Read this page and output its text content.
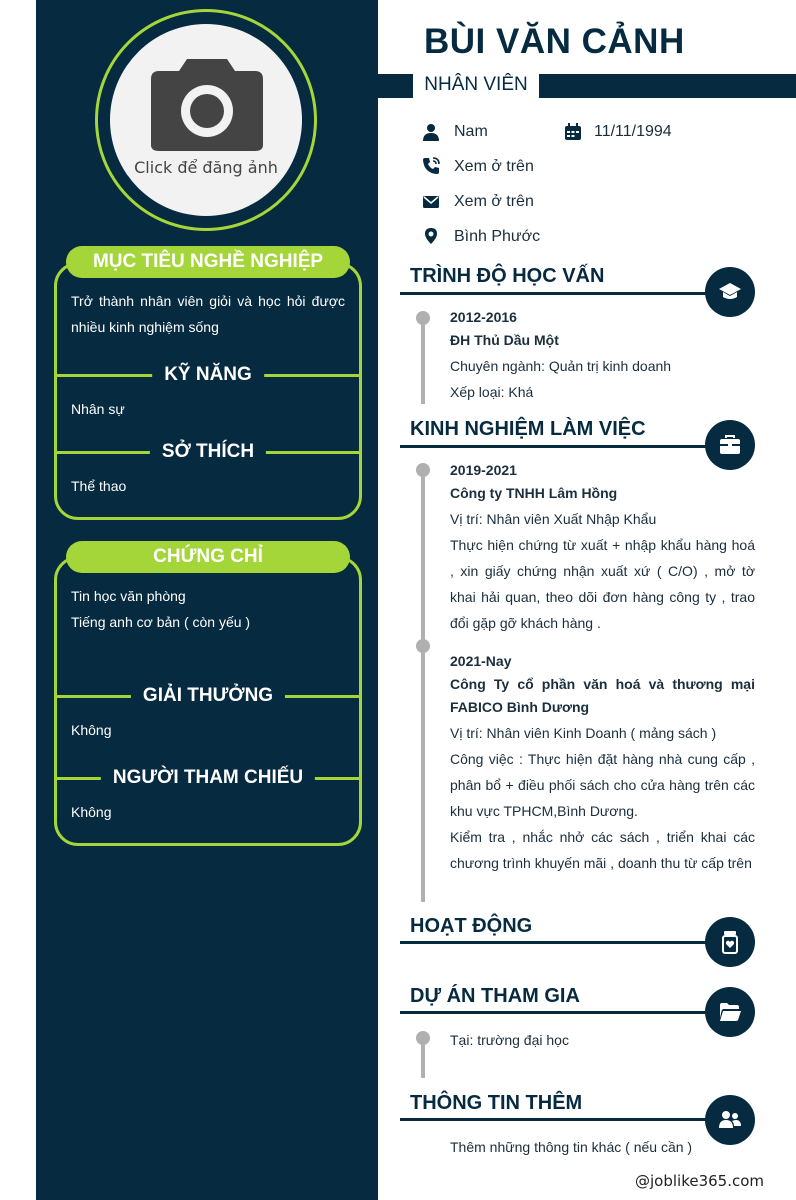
Click để đăng ảnh
MỤC TIÊU NGHỀ NGHIỆP
Trở thành nhân viên giỏi và học hỏi được nhiều kinh nghiệm sống
KỸ NĂNG
Nhân sự
SỞ THÍCH
Thể thao
CHỨNG CHỈ
Tin học văn phòng
Tiếng anh cơ bản ( còn yếu )
GIẢI THƯỞNG
Không
NGƯỜI THAM CHIẾU
Không
BÙI VĂN CẢNH
NHÂN VIÊN
Nam	11/11/1994
Xem ở trên
Xem ở trên
Bình Phước
TRÌNH ĐỘ HỌC VẤN
2012-2016
ĐH Thủ Dầu Một
Chuyên ngành: Quản trị kinh doanh
Xếp loại: Khá
KINH NGHIỆM LÀM VIỆC
2019-2021
Công ty TNHH Lâm Hồng
Vị trí: Nhân viên Xuất Nhập Khẩu
Thực hiện chứng từ xuất + nhập khẩu hàng hoá , xin giấy chứng nhận xuất xứ ( C/O) , mở tờ khai hải quan, theo dõi đơn hàng công ty , trao đổi gặp gỡ khách hàng .
2021-Nay
Công Ty cổ phần văn hoá và thương mại FABICO Bình Dương
Vị trí: Nhân viên Kinh Doanh ( mảng sách )
Công việc : Thực hiện đặt hàng nhà cung cấp , phân bổ + điều phối sách cho cửa hàng trên các khu vực TPHCM,Bình Dương.
Kiểm tra , nhắc nhở các sách , triển khai các chương trình khuyến mãi , doanh thu từ cấp trên
HOẠT ĐỘNG
DỰ ÁN THAM GIA
Tại: trường đại học
THÔNG TIN THÊM
Thêm những thông tin khác ( nếu cần )
@joblike365.com
